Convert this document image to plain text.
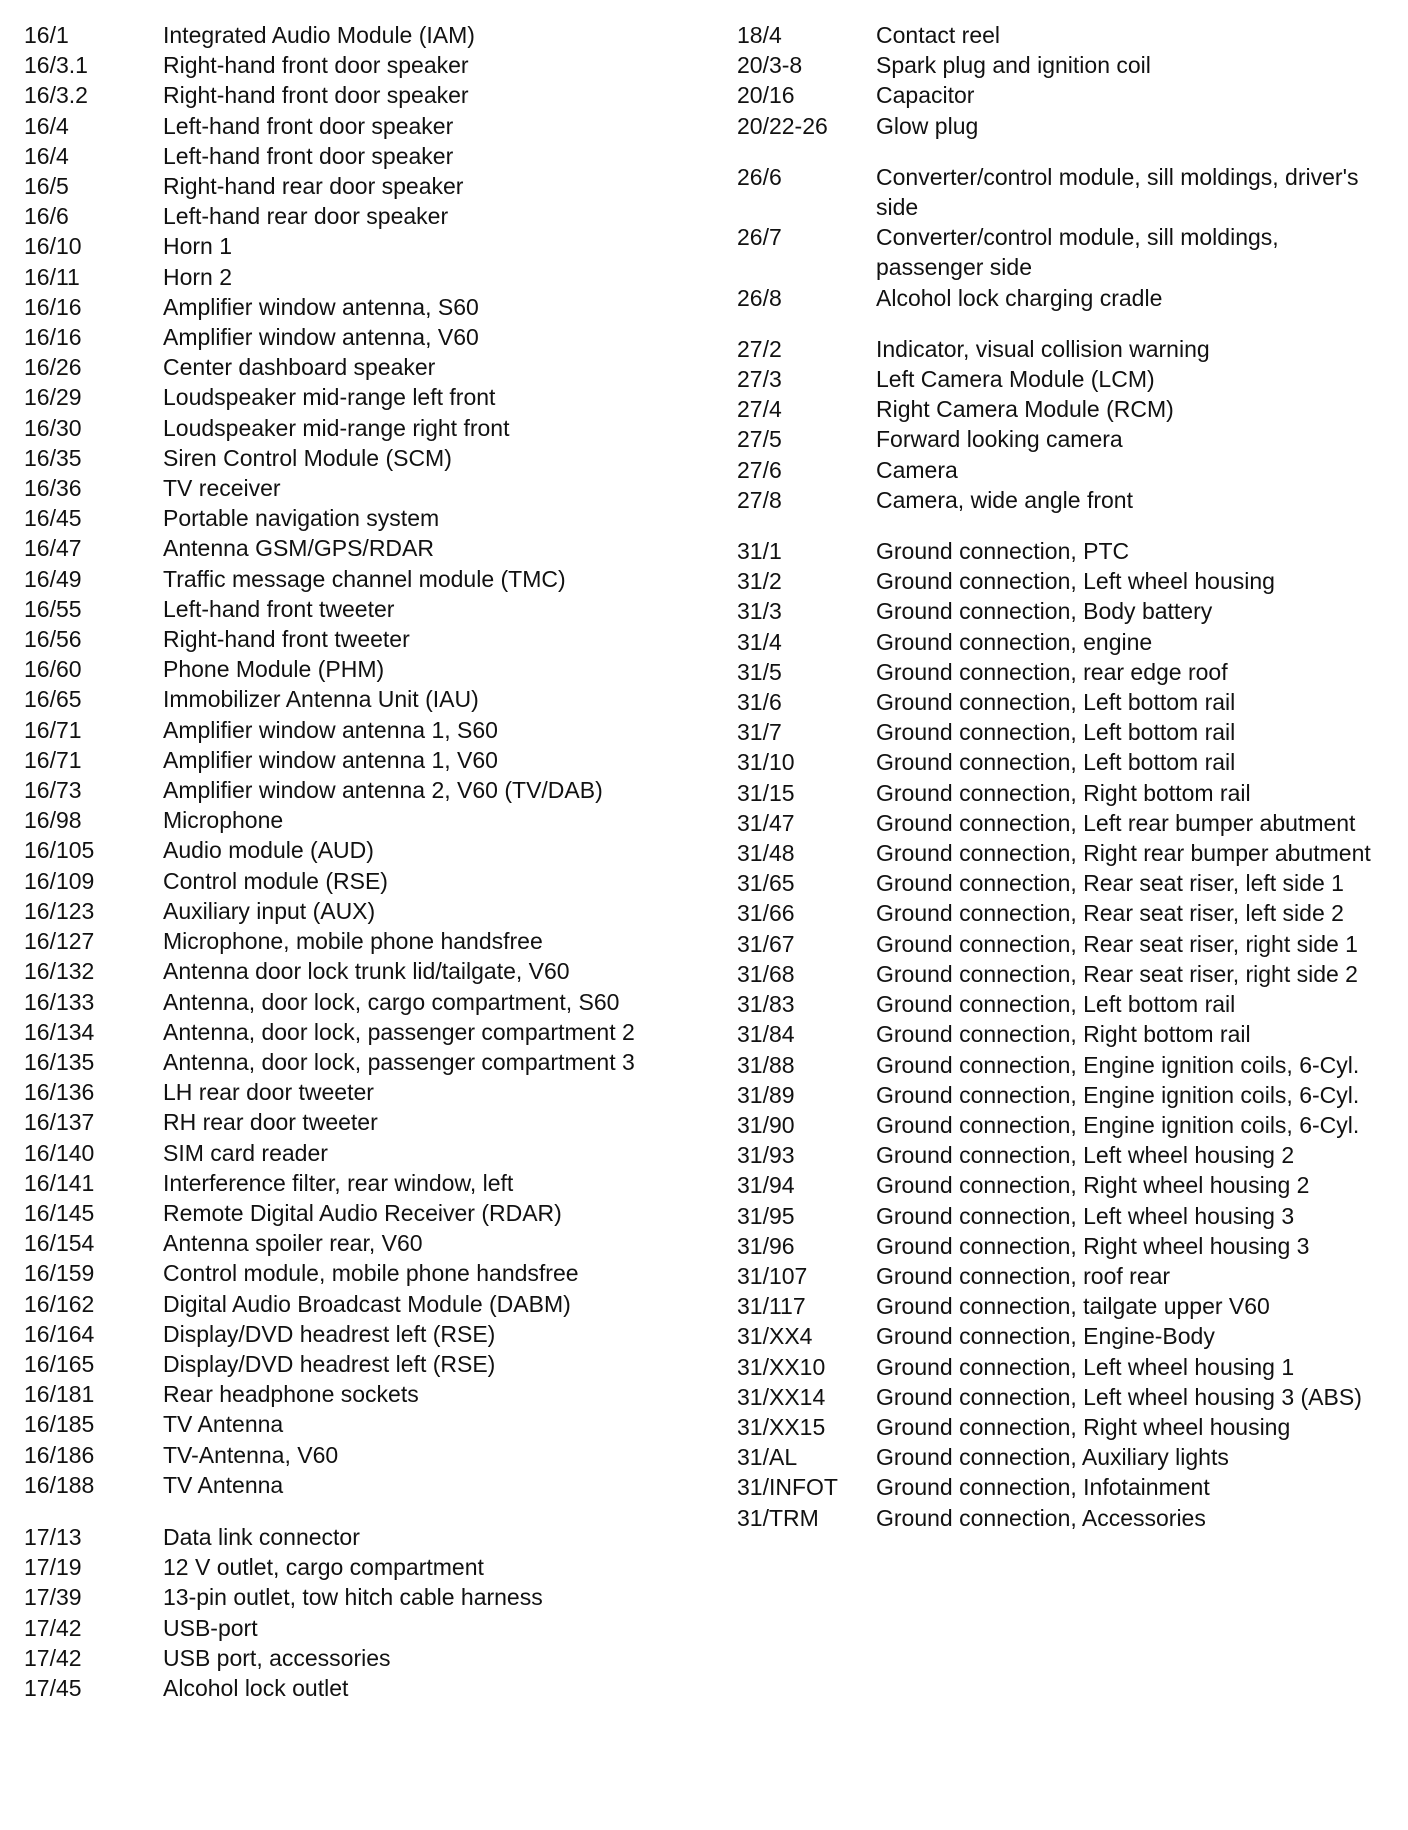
16/1	Integrated Audio Module (IAM)
16/3.1	Right-hand front door speaker
16/3.2	Right-hand front door speaker
16/4	Left-hand front door speaker
16/4	Left-hand front door speaker
16/5	Right-hand rear door speaker
16/6	Left-hand rear door speaker
16/10	Horn 1
16/11	Horn 2
16/16	Amplifier window antenna, S60
16/16	Amplifier window antenna, V60
16/26	Center dashboard speaker
16/29	Loudspeaker mid-range left front
16/30	Loudspeaker mid-range right front
16/35	Siren Control Module (SCM)
16/36	TV receiver
16/45	Portable navigation system
16/47	Antenna GSM/GPS/RDAR
16/49	Traffic message channel module (TMC)
16/55	Left-hand front tweeter
16/56	Right-hand front tweeter
16/60	Phone Module (PHM)
16/65	Immobilizer Antenna Unit (IAU)
16/71	Amplifier window antenna 1, S60
16/71	Amplifier window antenna 1, V60
16/73	Amplifier window antenna 2, V60 (TV/DAB)
16/98	Microphone
16/105	Audio module (AUD)
16/109	Control module (RSE)
16/123	Auxiliary input (AUX)
16/127	Microphone, mobile phone handsfree
16/132	Antenna door lock trunk lid/tailgate, V60
16/133	Antenna, door lock, cargo compartment, S60
16/134	Antenna, door lock, passenger compartment 2
16/135	Antenna, door lock, passenger compartment 3
16/136	LH rear door tweeter
16/137	RH rear door tweeter
16/140	SIM card reader
16/141	Interference filter, rear window, left
16/145	Remote Digital Audio Receiver (RDAR)
16/154	Antenna spoiler rear, V60
16/159	Control module, mobile phone handsfree
16/162	Digital Audio Broadcast Module (DABM)
16/164	Display/DVD headrest left (RSE)
16/165	Display/DVD headrest left (RSE)
16/181	Rear headphone sockets
16/185	TV Antenna
16/186	TV-Antenna, V60
16/188	TV Antenna
17/13	Data link connector
17/19	12 V outlet, cargo compartment
17/39	13-pin outlet, tow hitch cable harness
17/42	USB-port
17/42	USB port, accessories
17/45	Alcohol lock outlet
18/4	Contact reel
20/3-8	Spark plug and ignition coil
20/16	Capacitor
20/22-26	Glow plug
26/6	Converter/control module, sill moldings, driver's side
26/7	Converter/control module, sill moldings, passenger side
26/8	Alcohol lock charging cradle
27/2	Indicator, visual collision warning
27/3	Left Camera Module (LCM)
27/4	Right Camera Module (RCM)
27/5	Forward looking camera
27/6	Camera
27/8	Camera, wide angle front
31/1	Ground connection, PTC
31/2	Ground connection, Left wheel housing
31/3	Ground connection, Body battery
31/4	Ground connection, engine
31/5	Ground connection, rear edge roof
31/6	Ground connection, Left bottom rail
31/7	Ground connection, Left bottom rail
31/10	Ground connection, Left bottom rail
31/15	Ground connection, Right bottom rail
31/47	Ground connection, Left rear bumper abutment
31/48	Ground connection, Right rear bumper abutment
31/65	Ground connection, Rear seat riser, left side 1
31/66	Ground connection, Rear seat riser, left side 2
31/67	Ground connection, Rear seat riser, right side 1
31/68	Ground connection, Rear seat riser, right side 2
31/83	Ground connection, Left bottom rail
31/84	Ground connection, Right bottom rail
31/88	Ground connection, Engine ignition coils, 6-Cyl.
31/89	Ground connection, Engine ignition coils, 6-Cyl.
31/90	Ground connection, Engine ignition coils, 6-Cyl.
31/93	Ground connection, Left wheel housing 2
31/94	Ground connection, Right wheel housing 2
31/95	Ground connection, Left wheel housing 3
31/96	Ground connection, Right wheel housing 3
31/107	Ground connection, roof rear
31/117	Ground connection, tailgate upper V60
31/XX4	Ground connection, Engine-Body
31/XX10	Ground connection, Left wheel housing 1
31/XX14	Ground connection, Left wheel housing 3 (ABS)
31/XX15	Ground connection, Right wheel housing
31/AL	Ground connection, Auxiliary lights
31/INFOT	Ground connection, Infotainment
31/TRM	Ground connection, Accessories
